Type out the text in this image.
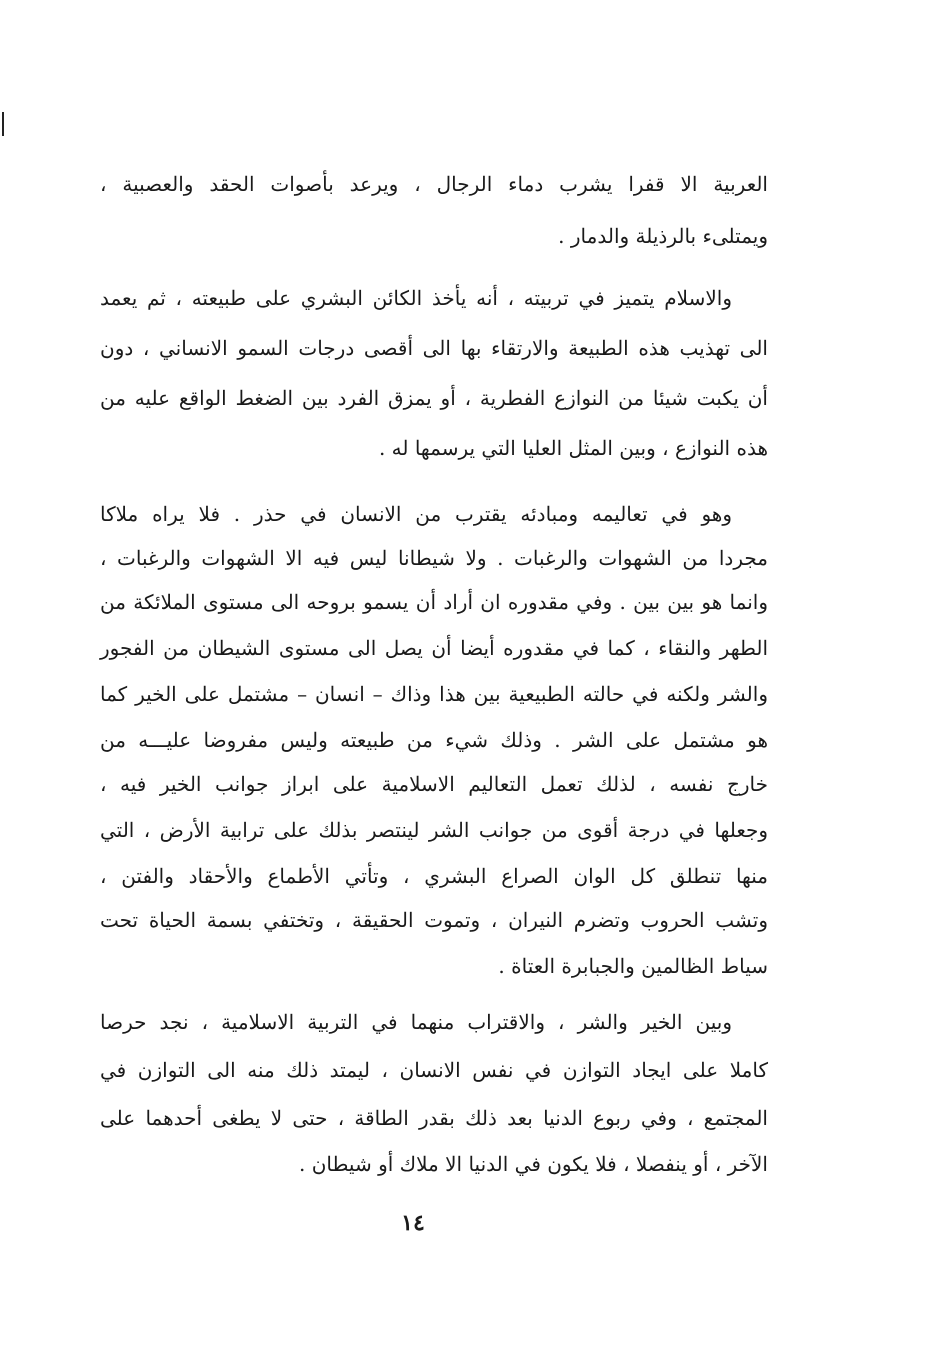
العربية الا قفرا يشرب دماء الرجال ، ويرعد بأصوات الحقد والعصبية ،
ويمتلىء بالرذيلة والدمار .
والاسلام يتميز في تربيته ، أنه يأخذ الكائن البشري على طبيعته ، ثم يعمد
الى تهذيب هذه الطبيعة والارتقاء بها الى أقصى درجات السمو الانساني ، دون
أن يكبت شيئا من النوازع الفطرية ، أو يمزق الفرد بين الضغط الواقع عليه من
هذه النوازع ، وبين المثل العليا التي يرسمها له .
وهو في تعاليمه ومبادئه يقترب من الانسان في حذر . فلا يراه ملاكا
مجردا من الشهوات والرغبات . ولا شيطانا ليس فيه الا الشهوات والرغبات ،
وانما هو بين بين . وفي مقدوره ان أراد أن يسمو بروحه الى مستوى الملائكة من
الطهر والنقاء ، كما في مقدوره أيضا أن يصل الى مستوى الشيطان من الفجور
والشر ولكنه في حالته الطبيعية بين هذا وذاك – انسان – مشتمل على الخير كما
هو مشتمل على الشر . وذلك شيء من طبيعته وليس مفروضا عليـــه من
خارج نفسه ، لذلك تعمل التعاليم الاسلامية على ابراز جوانب الخير فيه ،
وجعلها في درجة أقوى من جوانب الشر لينتصر بذلك على ترابية الأرض ، التي
منها تنطلق كل الوان الصراع البشري ، وتأتي الأطماع والأحقاد والفتن ،
وتشب الحروب وتضرم النيران ، وتموت الحقيقة ، وتختفي بسمة الحياة تحت
سياط الظالمين والجبابرة العتاة .
وبين الخير والشر ، والاقتراب منهما في التربية الاسلامية ، نجد حرصا
كاملا على ايجاد التوازن في نفس الانسان ، ليمتد ذلك منه الى التوازن في
المجتمع ، وفي ربوع الدنيا بعد ذلك بقدر الطاقة ، حتى لا يطغى أحدهما على
الآخر ، أو ينفصلا ، فلا يكون في الدنيا الا ملاك أو شيطان .
١٤
